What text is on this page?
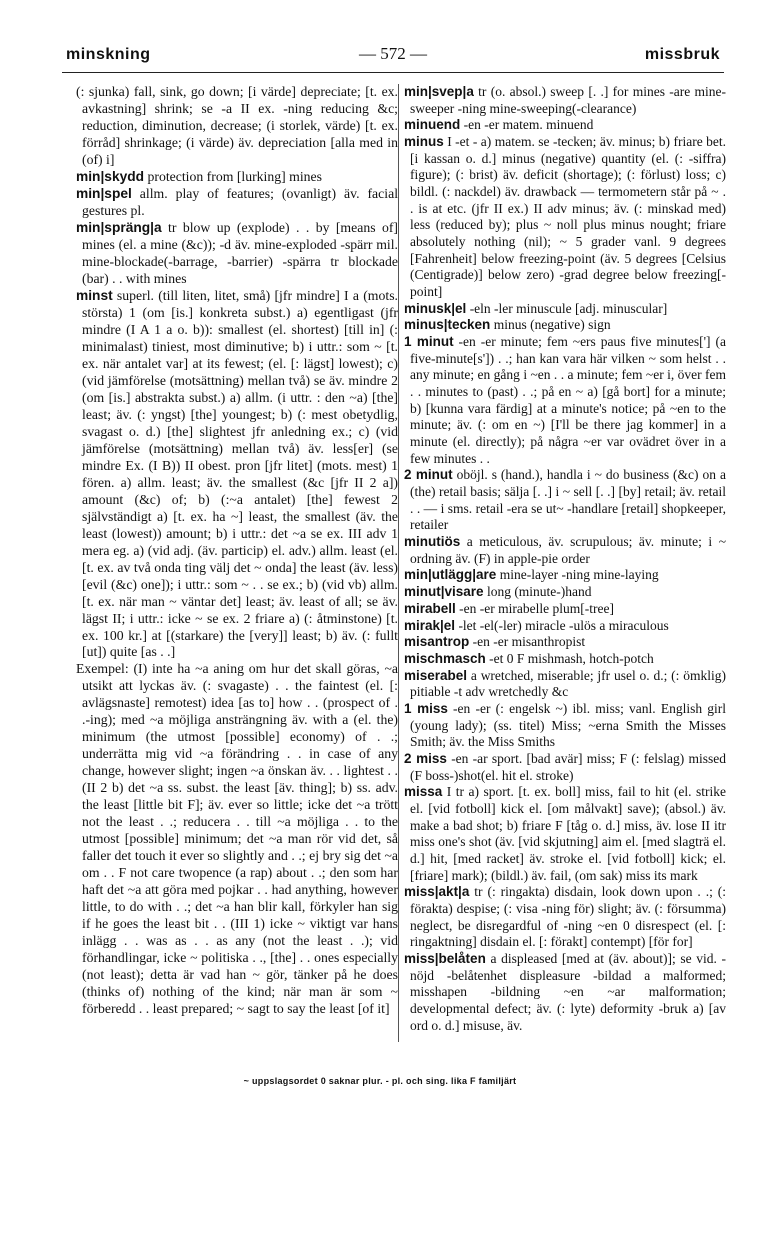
minskning	— 572 —	missbruk

(: sjunka) fall, sink, go down; [i värde] depreciate; [t. ex. avkastning] shrink; se -a II ex. -ning reducing &c; reduction, diminution, decrease; (i storlek, värde) [t. ex. förråd] shrinkage; (i värde) äv. depreciation [alla med in (of) i]

min|skydd protection from [lurking] mines

min|spel allm. play of features; (ovanligt) äv. facial gestures pl.

min|spräng|a tr blow up (explode) . . by [means of] mines (el. a mine (&c)); -d äv. mine-exploded -spärr mil. mine-blockade(-barrage, -barrier) -spärra tr blockade (bar) . . with mines

minst superl. (till liten, litet, små) [jfr mindre] I a (mots. största) 1 (om [is.] konkreta subst.) a) egentligast (jfr mindre (I A 1 a o. b)): smallest (el. shortest) [till in] (: minimalast) tiniest, most diminutive; b) i uttr.: som ~ [t. ex. när antalet var] at its fewest; (el. [: lägst] lowest); c) (vid jämförelse (motsättning) mellan två) se äv. mindre 2 (om [is.] abstrakta subst.) a) allm. (i uttr. : den ~a) [the] least; äv. (: yngst) [the] youngest; b) (: mest obetydlig, svagast o. d.) [the] slightest jfr anledning ex.; c) (vid jämförelse (motsättning) mellan två) äv. less[er] (se mindre Ex. (I B)) II obest. pron [jfr litet] (mots. mest) 1 fören. a) allm. least; äv. the smallest (&c [jfr II 2 a]) amount (&c) of; b) (:~a antalet) [the] fewest 2 självständigt a) [t. ex. ha ~] least, the smallest (äv. the least (lowest)) amount; b) i uttr.: det ~a se ex. III adv 1 mera eg. a) (vid adj. (äv. particip) el. adv.) allm. least (el. [t. ex. av två onda ting välj det ~ onda] the least (äv. less) [evil (&c) one]); i uttr.: som ~ . . se ex.; b) (vid vb) allm. [t. ex. när man ~ väntar det] least; äv. least of all; se äv. lägst II; i uttr.: icke ~ se ex. 2 friare a) (: åtminstone) [t. ex. 100 kr.] at [(starkare) the [very]] least; b) äv. (: fullt [ut]) quite [as . .]

Exempel: (I) inte ha ~a aning om hur det skall göras, ~a utsikt att lyckas äv. (: svagaste) . . the faintest (el. [: avlägsnaste] remotest) idea [as to] how . . (prospect of . .-ing); med ~a möjliga ansträngning äv. with a (el. the) minimum (the utmost [possible] economy) of . .; underrätta mig vid ~a förändring . . in case of any change, however slight; ingen ~a önskan äv. . . lightest . . (II 2 b) det ~a ss. subst. the least [äv. thing]; b) ss. adv. the least [little bit F]; äv. ever so little; icke det ~a trött not the least . .; reducera . . till ~a möjliga . . to the utmost [possible] minimum; det ~a man rör vid det, så faller det touch it ever so slightly and . .; ej bry sig det ~a om . . F not care twopence (a rap) about . .; den som har haft det ~a att göra med pojkar . . had anything, however little, to do with . .; det ~a han blir kall, förkyler han sig if he goes the least bit . . (III 1) icke ~ viktigt var hans inlägg . . was as . . as any (not the least . .); vid förhandlingar, icke ~ politiska . ., [the] . . ones especially (not least); detta är vad han ~ gör, tänker på he does (thinks of) nothing of the kind; när man är som ~ förberedd . . least prepared; ~ sagt to say the least [of it]

min|svep|a tr (o. absol.) sweep [. .] for mines -are mine-sweeper -ning mine-sweeping(-clearance)

minuend -en -er matem. minuend

minus I -et - a) matem. se -tecken; äv. minus; b) friare bet. [i kassan o. d.] minus (negative) quantity (el. (: -siffra) figure); (: brist) äv. deficit (shortage); (: förlust) loss; c) bildl. (: nackdel) äv. drawback — termometern står på ~ . . is at etc. (jfr II ex.) II adv minus; äv. (: minskad med) less (reduced by); plus ~ noll plus minus nought; friare absolutely nothing (nil); ~ 5 grader vanl. 9 degrees [Fahrenheit] below freezing-point (äv. 5 degrees [Celsius (Centigrade)] below zero) -grad degree below freezing[-point]

minusk|el -eln -ler minuscule [adj. minuscular]

minus|tecken minus (negative) sign

1 minut -en -er minute; fem ~ers paus five minutes['] (a five-minute[s']) . .; han kan vara här vilken ~ som helst . . any minute; en gång i ~en . . a minute; fem ~er i, över fem . . minutes to (past) . .; på en ~ a) [gå bort] for a minute; b) [kunna vara färdig] at a minute's notice; på ~en to the minute; äv. (: om en ~) [I'll be there jag kommer] in a minute (el. directly); på några ~er var ovädret över in a few minutes . .

2 minut oböjl. s (hand.), handla i ~ do business (&c) on a (the) retail basis; sälja [. .] i ~ sell [. .] [by] retail; äv. retail . . — i sms. retail -era se ut~ -handlare [retail] shopkeeper, retailer

minutiös a meticulous, äv. scrupulous; äv. minute; i ~ ordning äv. (F) in apple-pie order

min|utlägg|are mine-layer -ning mine-laying

minut|visare long (minute-)hand

mirabell -en -er mirabelle plum[-tree]

mirak|el -let -el(-ler) miracle -ulös a miraculous

misantrop -en -er misanthropist

mischmasch -et 0 F mishmash, hotch-potch

miserabel a wretched, miserable; jfr usel o. d.; (: ömklig) pitiable -t adv wretchedly &c

1 miss -en -er (: engelsk ~) ibl. miss; vanl. English girl (young lady); (ss. titel) Miss; ~erna Smith the Misses Smith; äv. the Miss Smiths

2 miss -en -ar sport. [bad avär] miss; F (: felslag) missed (F boss-)shot(el. hit el. stroke)

missa I tr a) sport. [t. ex. boll] miss, fail to hit (el. strike el. [vid fotboll] kick el. [om målvakt] save); (absol.) äv. make a bad shot; b) friare F [tåg o. d.] miss, äv. lose II itr miss one's shot (äv. [vid skjutning] aim el. [med slagträ el. d.] hit, [med racket] äv. stroke el. [vid fotboll] kick; el. [friare] mark); (bildl.) äv. fail, (om sak) miss its mark

miss|akt|a tr (: ringakta) disdain, look down upon . .; (: förakta) despise; (: visa -ning för) slight; äv. (: försumma) neglect, be disregardful of -ning ~en 0 disrespect (el. [: ringaktning] disdain el. [: förakt] contempt) [för for]

miss|belåten a displeased [med at (äv. about)]; se vid. -nöjd -belåtenhet displeasure -bildad a malformed; misshapen -bildning ~en ~ar malformation; developmental defect; äv. (: lyte) deformity -bruk a) [av ord o. d.] misuse, äv.

~ uppslagsordet 0 saknar plur. - pl. och sing. lika F familjärt
